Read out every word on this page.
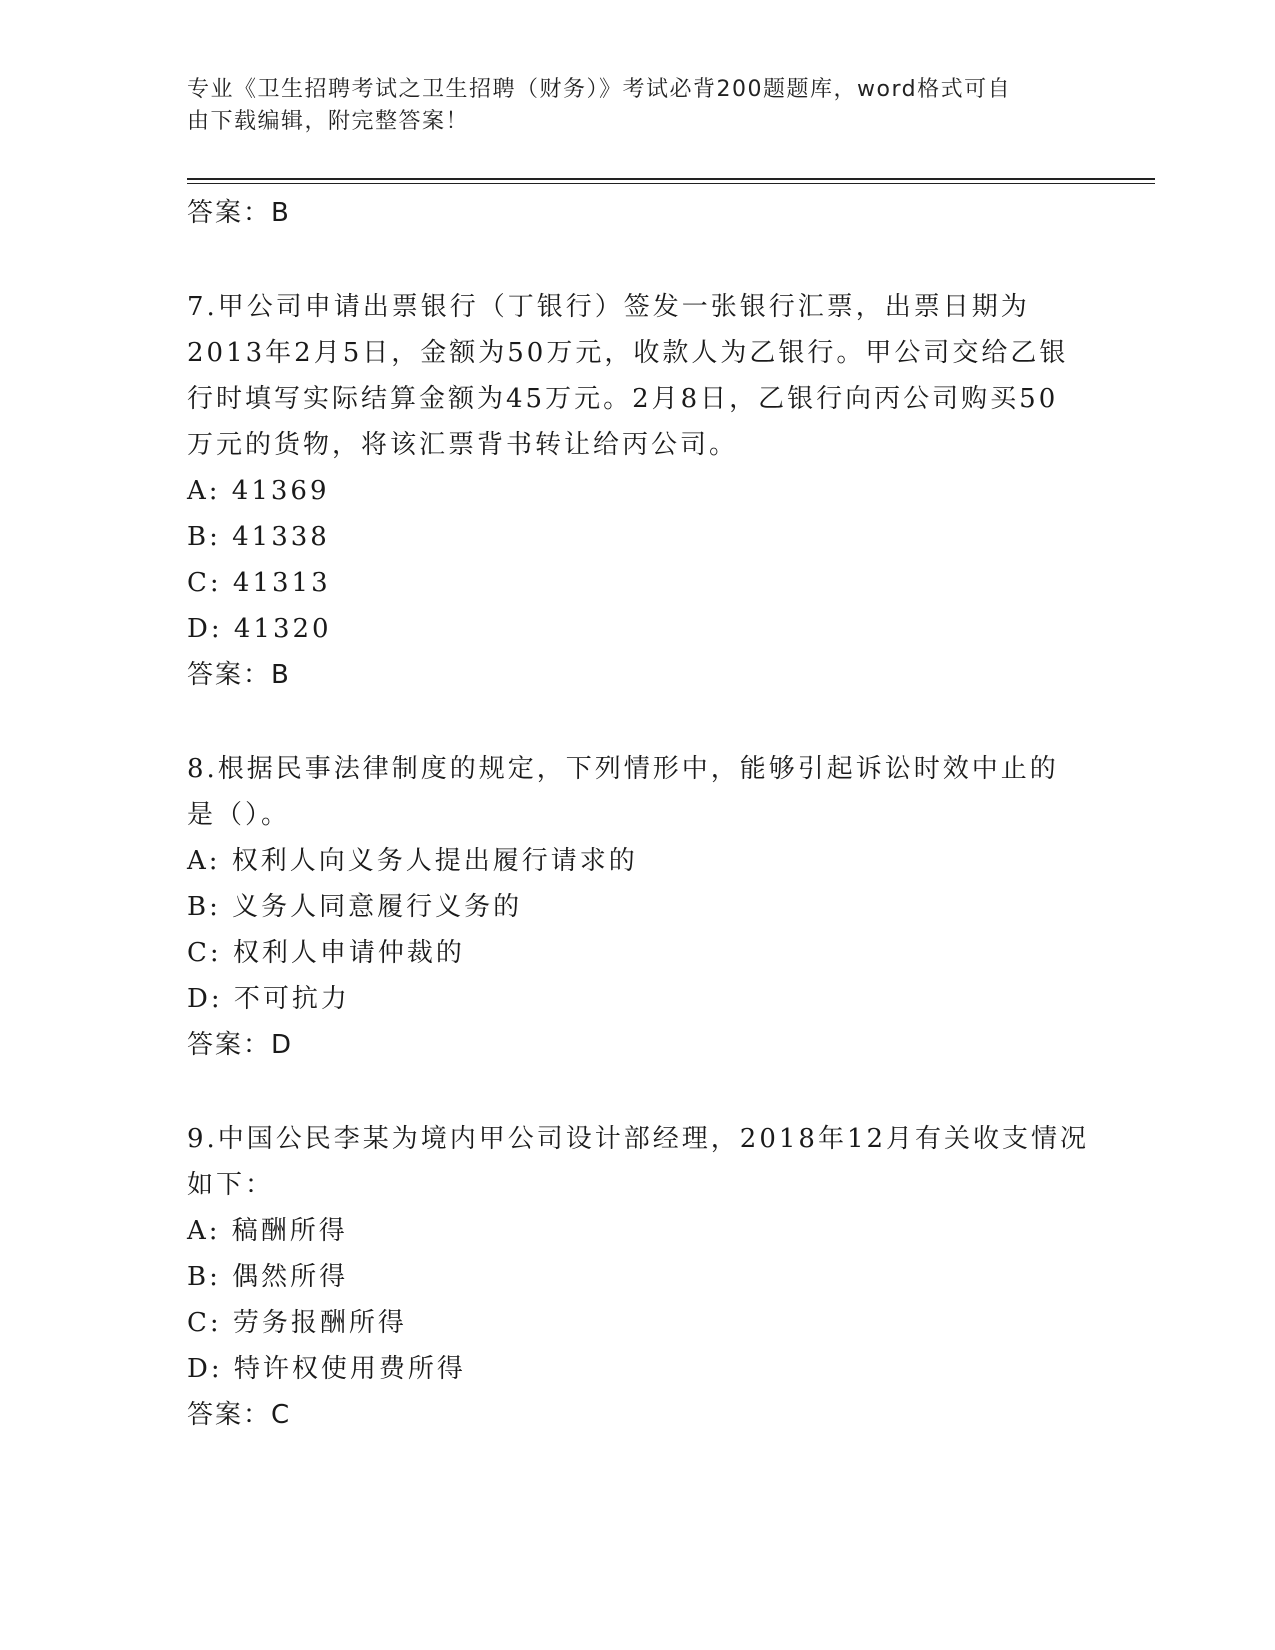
专业《卫生招聘考试之卫生招聘（财务）》考试必背200题题库，word格式可自

由下载编辑，附完整答案！

答案：B

7.甲公司申请出票银行（丁银行）签发一张银行汇票，出票日期为

2013年2月5日，金额为50万元，收款人为乙银行。甲公司交给乙银

行时填写实际结算金额为45万元。2月8日，乙银行向丙公司购买50

万元的货物，将该汇票背书转让给丙公司。

A: 41369

B: 41338

C: 41313

D: 41320

答案：B

8.根据民事法律制度的规定，下列情形中，能够引起诉讼时效中止的

是（）。

A: 权利人向义务人提出履行请求的

B: 义务人同意履行义务的

C: 权利人申请仲裁的

D: 不可抗力

答案：D

9.中国公民李某为境内甲公司设计部经理，2018年12月有关收支情况

如下：

A: 稿酬所得

B: 偶然所得

C: 劳务报酬所得

D: 特许权使用费所得

答案：C
